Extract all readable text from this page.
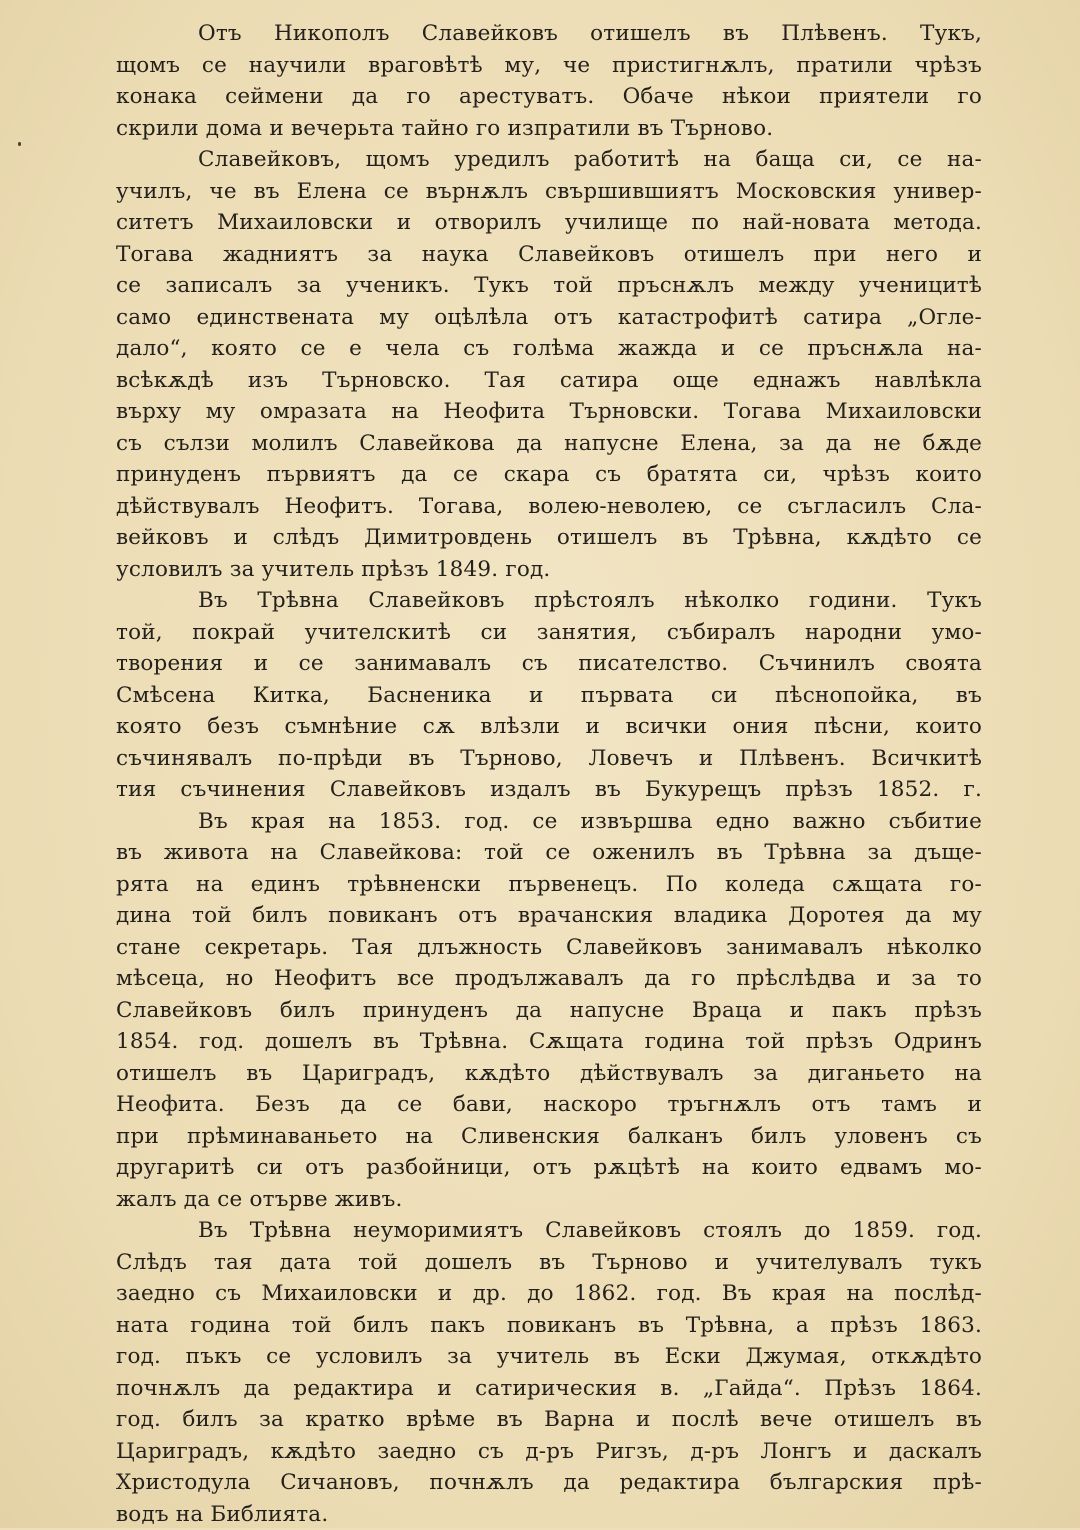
Отъ Никополъ Славейковъ отишелъ въ Плѣвенъ. Тукъ,
щомъ се научили враговѣтѣ му, че пристигнѫлъ, пратили чрѣзъ
конака сеймени да го арестуватъ. Обаче нѣкои приятели го
скрили дома и вечерьта тайно го изпратили въ Търново.
Славейковъ, щомъ уредилъ работитѣ на баща си, се на-
училъ, че въ Елена се върнѫлъ свършившиятъ Московския универ-
ситетъ Михаиловски и отворилъ училище по най-новата метода.
Тогава жадниятъ за наука Славейковъ отишелъ при него и
се записалъ за ученикъ. Тукъ той пръснѫлъ между ученицитѣ
само единствената му оцѣлѣла отъ катастрофитѣ сатира „Огле-
дало“, която се е чела съ голѣма жажда и се пръснѫла на-
всѣкѫдѣ изъ Търновско. Тая сатира още еднажъ навлѣкла
върху му омразата на Неофита Търновски. Тогава Михаиловски
съ сълзи молилъ Славейкова да напусне Елена, за да не бѫде
принуденъ първиятъ да се скара съ братята си, чрѣзъ които
дѣйствувалъ Неофитъ. Тогава, волею-неволею, се съгласилъ Сла-
вейковъ и слѣдъ Димитровдень отишелъ въ Трѣвна, кѫдѣто се
условилъ за учитель прѣзъ 1849. год.
Въ Трѣвна Славейковъ прѣстоялъ нѣколко години. Тукъ
той, покрай учителскитѣ си занятия, събиралъ народни умо-
творения и се занимавалъ съ писателство. Съчинилъ своята
Смѣсена Китка, Басненика и първата си пѣснопойка, въ
която безъ съмнѣние сѫ влѣзли и всички ония пѣсни, които
съчинявалъ по-прѣди въ Търново, Ловечъ и Плѣвенъ. Всичкитѣ
тия съчинения Славейковъ издалъ въ Букурещъ прѣзъ 1852. г.
Въ края на 1853. год. се извършва едно важно събитие
въ живота на Славейкова: той се оженилъ въ Трѣвна за дъще-
рята на единъ трѣвненски първенецъ. По коледа сѫщата го-
дина той билъ повиканъ отъ врачанския владика Доротея да му
стане секретарь. Тая длъжность Славейковъ занимавалъ нѣколко
мѣсеца, но Неофитъ все продължавалъ да го прѣслѣдва и за то
Славейковъ билъ принуденъ да напусне Враца и пакъ прѣзъ
1854. год. дошелъ въ Трѣвна. Сѫщата година той прѣзъ Одринъ
отишелъ въ Цариградъ, кѫдѣто дѣйствувалъ за диганьето на
Неофита. Безъ да се бави, наскоро тръгнѫлъ отъ тамъ и
при прѣминаваньето на Сливенския балканъ билъ уловенъ съ
другаритѣ си отъ разбойници, отъ рѫцѣтѣ на които едвамъ мо-
жалъ да се отърве живъ.
Въ Трѣвна неуморимиятъ Славейковъ стоялъ до 1859. год.
Слѣдъ тая дата той дошелъ въ Търново и учителувалъ тукъ
заедно съ Михаиловски и др. до 1862. год. Въ края на послѣд-
ната година той билъ пакъ повиканъ въ Трѣвна, а прѣзъ 1863.
год. пъкъ се условилъ за учитель въ Ески Джумая, откѫдѣто
почнѫлъ да редактира и сатирическия в. „Гайда“. Прѣзъ 1864.
год. билъ за кратко врѣме въ Варна и послѣ вече отишелъ въ
Цариградъ, кѫдѣто заедно съ д-ръ Ригзъ, д-ръ Лонгъ и даскалъ
Христодула Сичановъ, почнѫлъ да редактира българския прѣ-
водъ на Библията.
